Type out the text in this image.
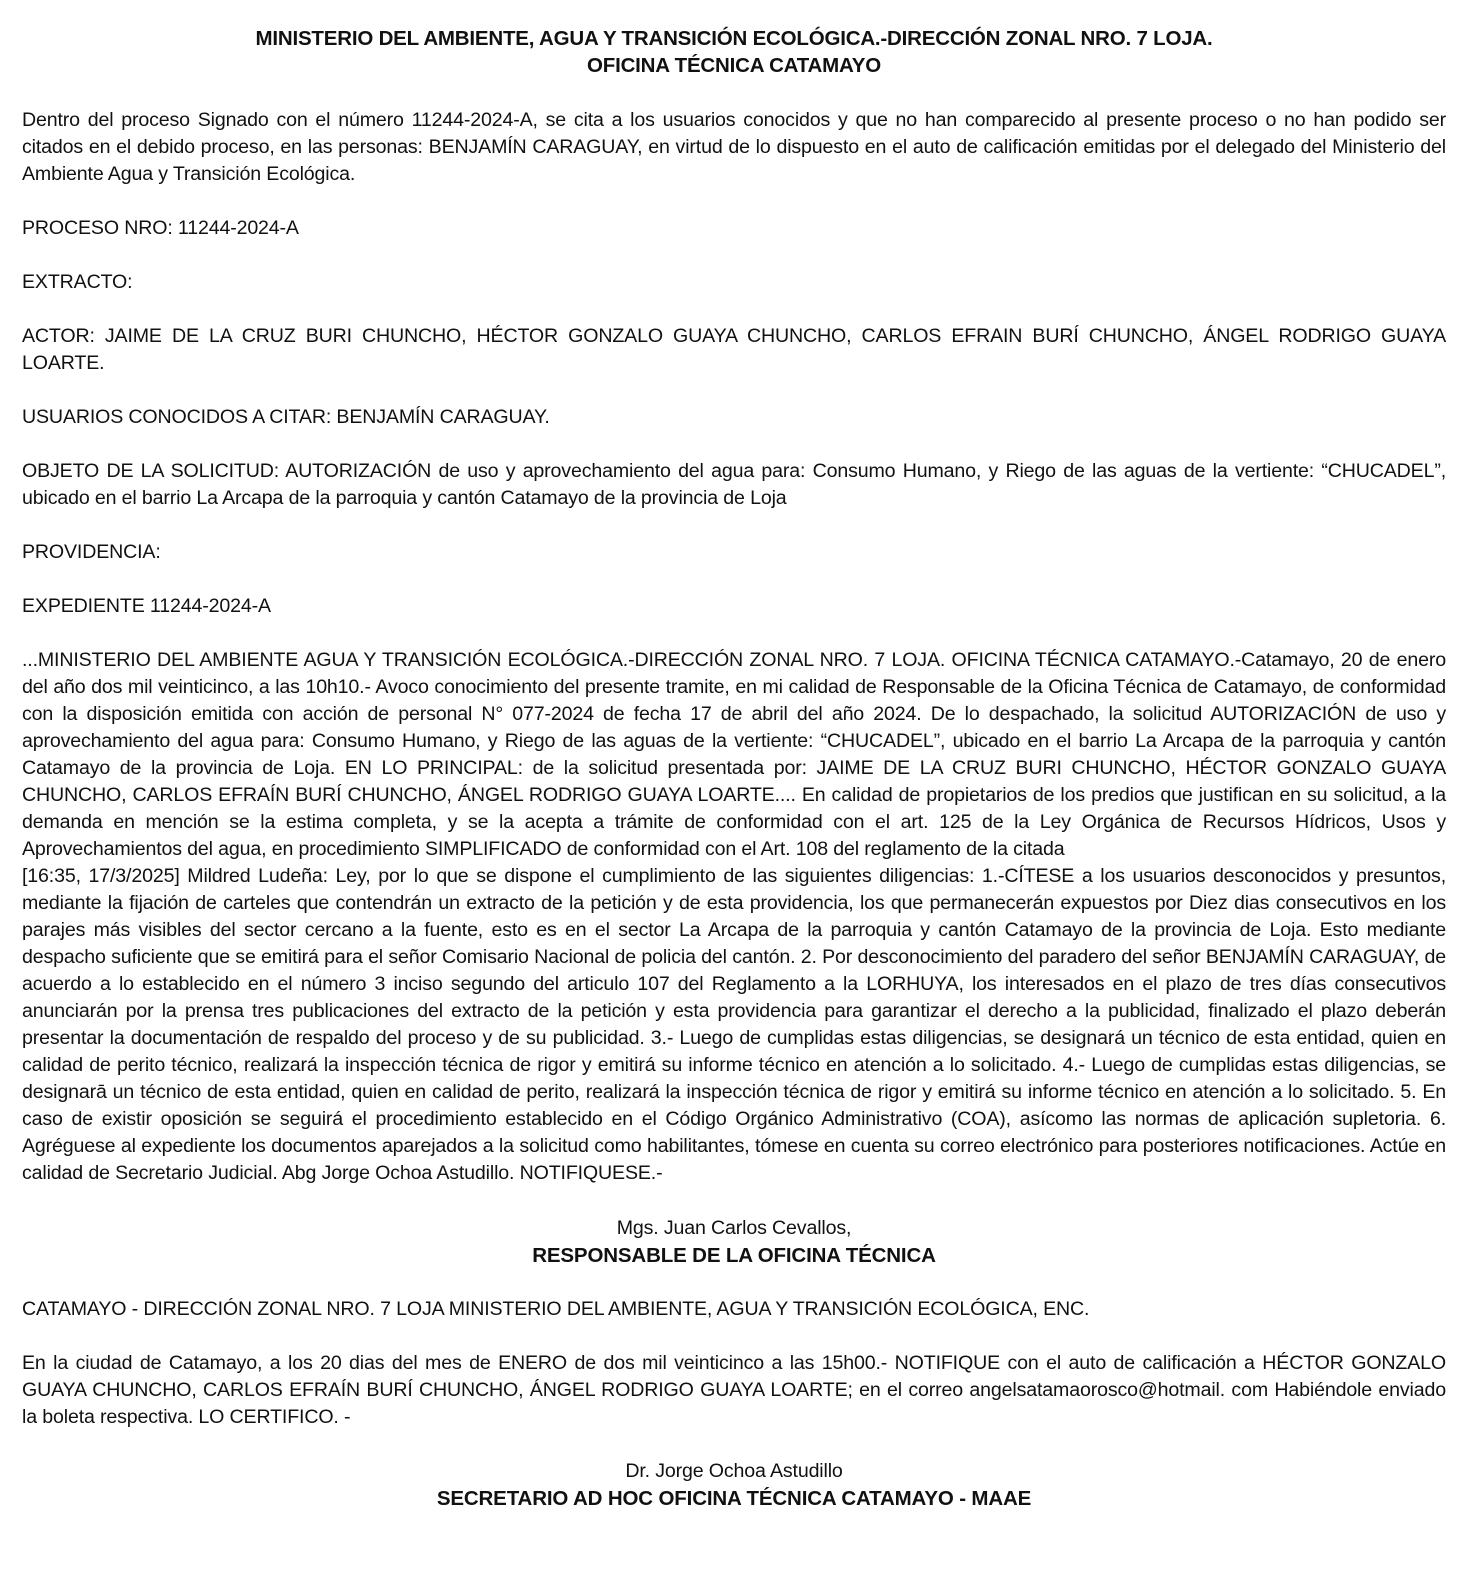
MINISTERIO DEL AMBIENTE, AGUA Y TRANSICIÓN ECOLÓGICA.-DIRECCIÓN ZONAL NRO. 7 LOJA.
OFICINA TÉCNICA CATAMAYO

Dentro del proceso Signado con el número 11244-2024-A, se cita a los usuarios conocidos y que no han comparecido al presente proceso o no han podido ser citados en el debido proceso, en las personas: BENJAMÍN CARAGUAY, en virtud de lo dispuesto en el auto de calificación emitidas por el delegado del Ministerio del Ambiente Agua y Transición Ecológica.

PROCESO NRO: 11244-2024-A

EXTRACTO:

ACTOR: JAIME DE LA CRUZ BURI CHUNCHO, HÉCTOR GONZALO GUAYA CHUNCHO, CARLOS EFRAIN BURÍ CHUNCHO, ÁNGEL RODRIGO GUAYA LOARTE.

USUARIOS CONOCIDOS A CITAR: BENJAMÍN CARAGUAY.

OBJETO DE LA SOLICITUD: AUTORIZACIÓN de uso y aprovechamiento del agua para: Consumo Humano, y Riego de las aguas de la vertiente: “CHUCADEL”, ubicado en el barrio La Arcapa de la parroquia y cantón Catamayo de la provincia de Loja

PROVIDENCIA:

EXPEDIENTE 11244-2024-A

...MINISTERIO DEL AMBIENTE AGUA Y TRANSICIÓN ECOLÓGICA.-DIRECCIÓN ZONAL NRO. 7 LOJA. OFICINA TÉCNICA CATAMAYO.-Catamayo, 20 de enero del año dos mil veinticinco, a las 10h10.- Avoco conocimiento del presente tramite, en mi calidad de Responsable de la Oficina Técnica de Catamayo, de conformidad con la disposición emitida con acción de personal N° 077-2024 de fecha 17 de abril del año 2024. De lo despachado, la solicitud AUTORIZACIÓN de uso y aprovechamiento del agua para: Consumo Humano, y Riego de las aguas de la vertiente: “CHUCADEL”, ubicado en el barrio La Arcapa de la parroquia y cantón Catamayo de la provincia de Loja. EN LO PRINCIPAL: de la solicitud presentada por: JAIME DE LA CRUZ BURI CHUNCHO, HÉCTOR GONZALO GUAYA CHUNCHO, CARLOS EFRAÍN BURÍ CHUNCHO, ÁNGEL RODRIGO GUAYA LOARTE.... En calidad de propietarios de los predios que justifican en su solicitud, a la demanda en mención se la estima completa, y se la acepta a trámite de conformidad con el art. 125 de la Ley Orgánica de Recursos Hídricos, Usos y Aprovechamientos del agua, en procedimiento SIMPLIFICADO de conformidad con el Art. 108 del reglamento de la citada

[16:35, 17/3/2025] Mildred Ludeña: Ley, por lo que se dispone el cumplimiento de las siguientes diligencias: 1.-CÍTESE a los usuarios desconocidos y presuntos, mediante la fijación de carteles que contendrán un extracto de la petición y de esta providencia, los que permanecerán expuestos por Diez dias consecutivos en los parajes más visibles del sector cercano a la fuente, esto es en el sector La Arcapa de la parroquia y cantón Catamayo de la provincia de Loja. Esto mediante despacho suficiente que se emitirá para el señor Comisario Nacional de policia del cantón. 2. Por desconocimiento del paradero del señor BENJAMÍN CARAGUAY, de acuerdo a lo establecido en el número 3 inciso segundo del articulo 107 del Reglamento a la LORHUYA, los interesados en el plazo de tres días consecutivos anunciarán por la prensa tres publicaciones del extracto de la petición y esta providencia para garantizar el derecho a la publicidad, finalizado el plazo deberán presentar la documentación de respaldo del proceso y de su publicidad. 3.- Luego de cumplidas estas diligencias, se designará un técnico de esta entidad, quien en calidad de perito técnico, realizará la inspección técnica de rigor y emitirá su informe técnico en atención a lo solicitado. 4.- Luego de cumplidas estas diligencias, se designarā un técnico de esta entidad, quien en calidad de perito, realizará la inspección técnica de rigor y emitirá su informe técnico en atención a lo solicitado. 5. En caso de existir oposición se seguirá el procedimiento establecido en el Código Orgánico Administrativo (COA), asícomo las normas de aplicación supletoria. 6. Agréguese al expediente los documentos aparejados a la solicitud como habilitantes, tómese en cuenta su correo electrónico para posteriores notificaciones. Actúe en calidad de Secretario Judicial. Abg Jorge Ochoa Astudillo. NOTIFIQUESE.-

Mgs. Juan Carlos Cevallos,

RESPONSABLE DE LA OFICINA TÉCNICA

CATAMAYO - DIRECCIÓN ZONAL NRO. 7 LOJA MINISTERIO DEL AMBIENTE, AGUA Y TRANSICIÓN ECOLÓGICA, ENC.

En la ciudad de Catamayo, a los 20 dias del mes de ENERO de dos mil veinticinco a las 15h00.- NOTIFIQUE con el auto de calificación a HÉCTOR GONZALO GUAYA CHUNCHO, CARLOS EFRAÍN BURÍ CHUNCHO, ÁNGEL RODRIGO GUAYA LOARTE; en el correo angelsatamaorosco@hotmail. com Habiéndole enviado la boleta respectiva. LO CERTIFICO. -

Dr. Jorge Ochoa Astudillo

SECRETARIO AD HOC OFICINA TÉCNICA CATAMAYO - MAAE
